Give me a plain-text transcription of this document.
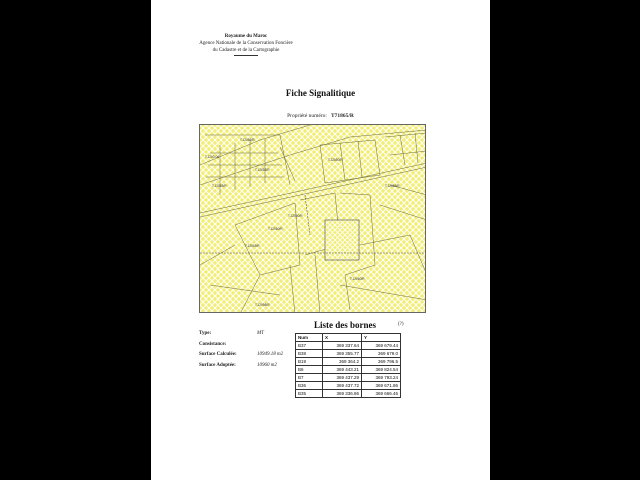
Royaume du Maroc
Agence Nationale de la Conservation Foncière
du Cadastre et de la Cartographie
Fiche Signalitique
Propriété numéro: T71865/R
T.12056/R
T.1200-06
T.12052/R
T.12550/R
T.12055/R
T.12060/R
T.12060/R
T.12045/R
T.12060/R
T.12056/R
T.12098/R
Type:	MT
Consistance:
Surface Calculée:	10949.18 m2
Surface Adoptée:	10960 m2
Liste des bornes	(?)
Num	X	Y
B37	369 337.64	369 679.44
B38	369 355.77	369 679.0
B19	369 364.2	369 796.5
B6	369 443.21	369 824.54
B7	369 437.29	369 793.24
B36	369 437.72	369 671.86
B35	369 336.86	369 666.46
